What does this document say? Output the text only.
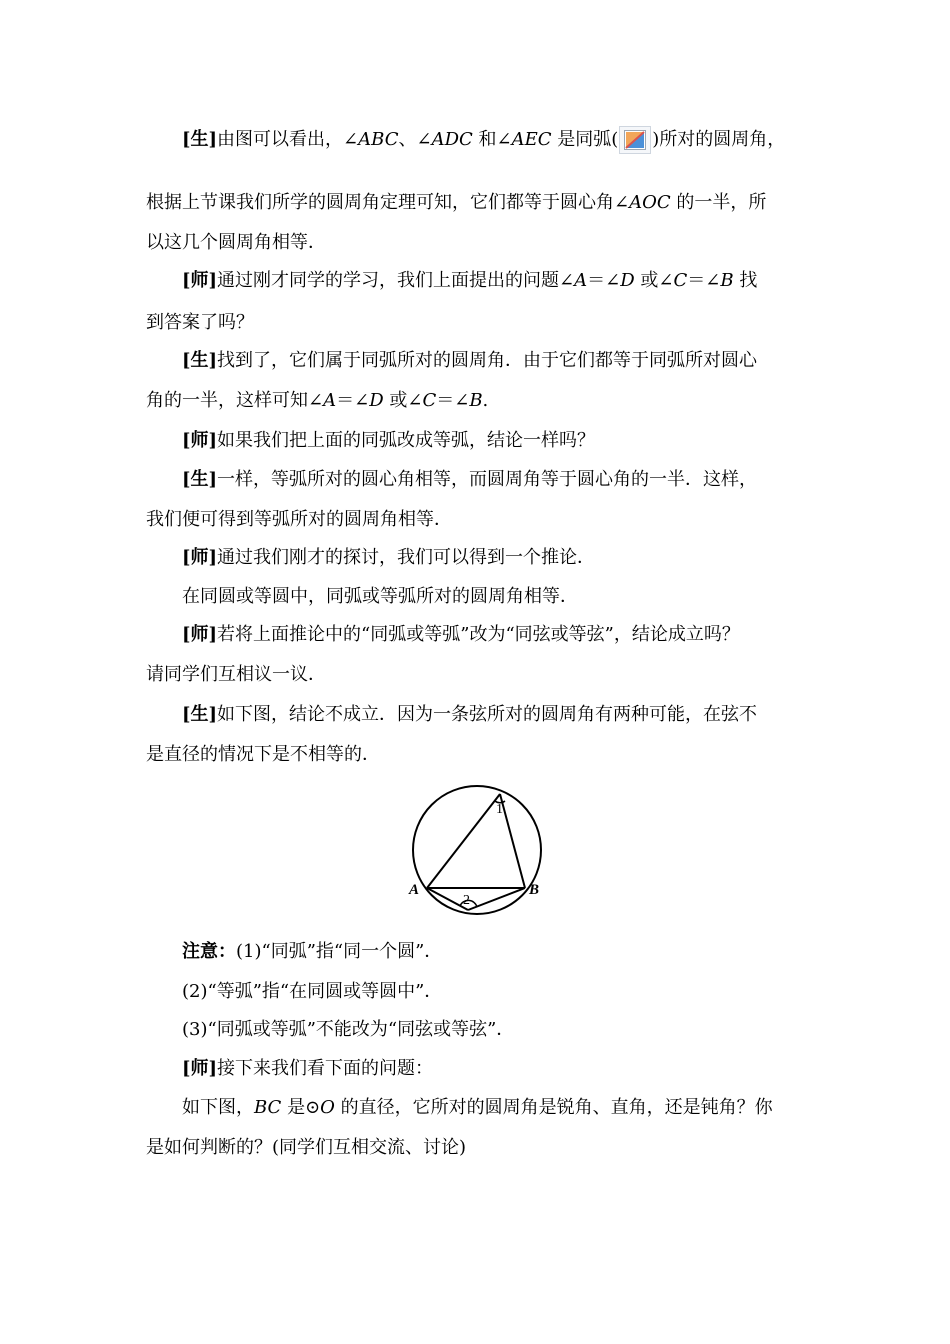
[生]由图可以看出，∠ABC、∠ADC 和∠AEC 是同弧( )所对的圆周角，
根据上节课我们所学的圆周角定理可知，它们都等于圆心角∠AOC 的一半，所
以这几个圆周角相等．
[师]通过刚才同学的学习，我们上面提出的问题∠A＝∠D 或∠C＝∠B 找
到答案了吗？
[生]找到了，它们属于同弧所对的圆周角．由于它们都等于同弧所对圆心
角的一半，这样可知∠A＝∠D 或∠C＝∠B.
[师]如果我们把上面的同弧改成等弧，结论一样吗？
[生]一样，等弧所对的圆心角相等，而圆周角等于圆心角的一半．这样，
我们便可得到等弧所对的圆周角相等．
[师]通过我们刚才的探讨，我们可以得到一个推论．
在同圆或等圆中，同弧或等弧所对的圆周角相等．
[师]若将上面推论中的“同弧或等弧”改为“同弦或等弦”，结论成立吗？
请同学们互相议一议．
[生]如下图，结论不成立．因为一条弦所对的圆周角有两种可能，在弦不
是直径的情况下是不相等的．
A	B
1
2
注意：(1)“同弧”指“同一个圆”．
(2)“等弧”指“在同圆或等圆中”．
(3)“同弧或等弧”不能改为“同弦或等弦”．
[师]接下来我们看下面的问题：
如下图，BC 是⊙O 的直径，它所对的圆周角是锐角、直角，还是钝角？你
是如何判断的？(同学们互相交流、讨论)
